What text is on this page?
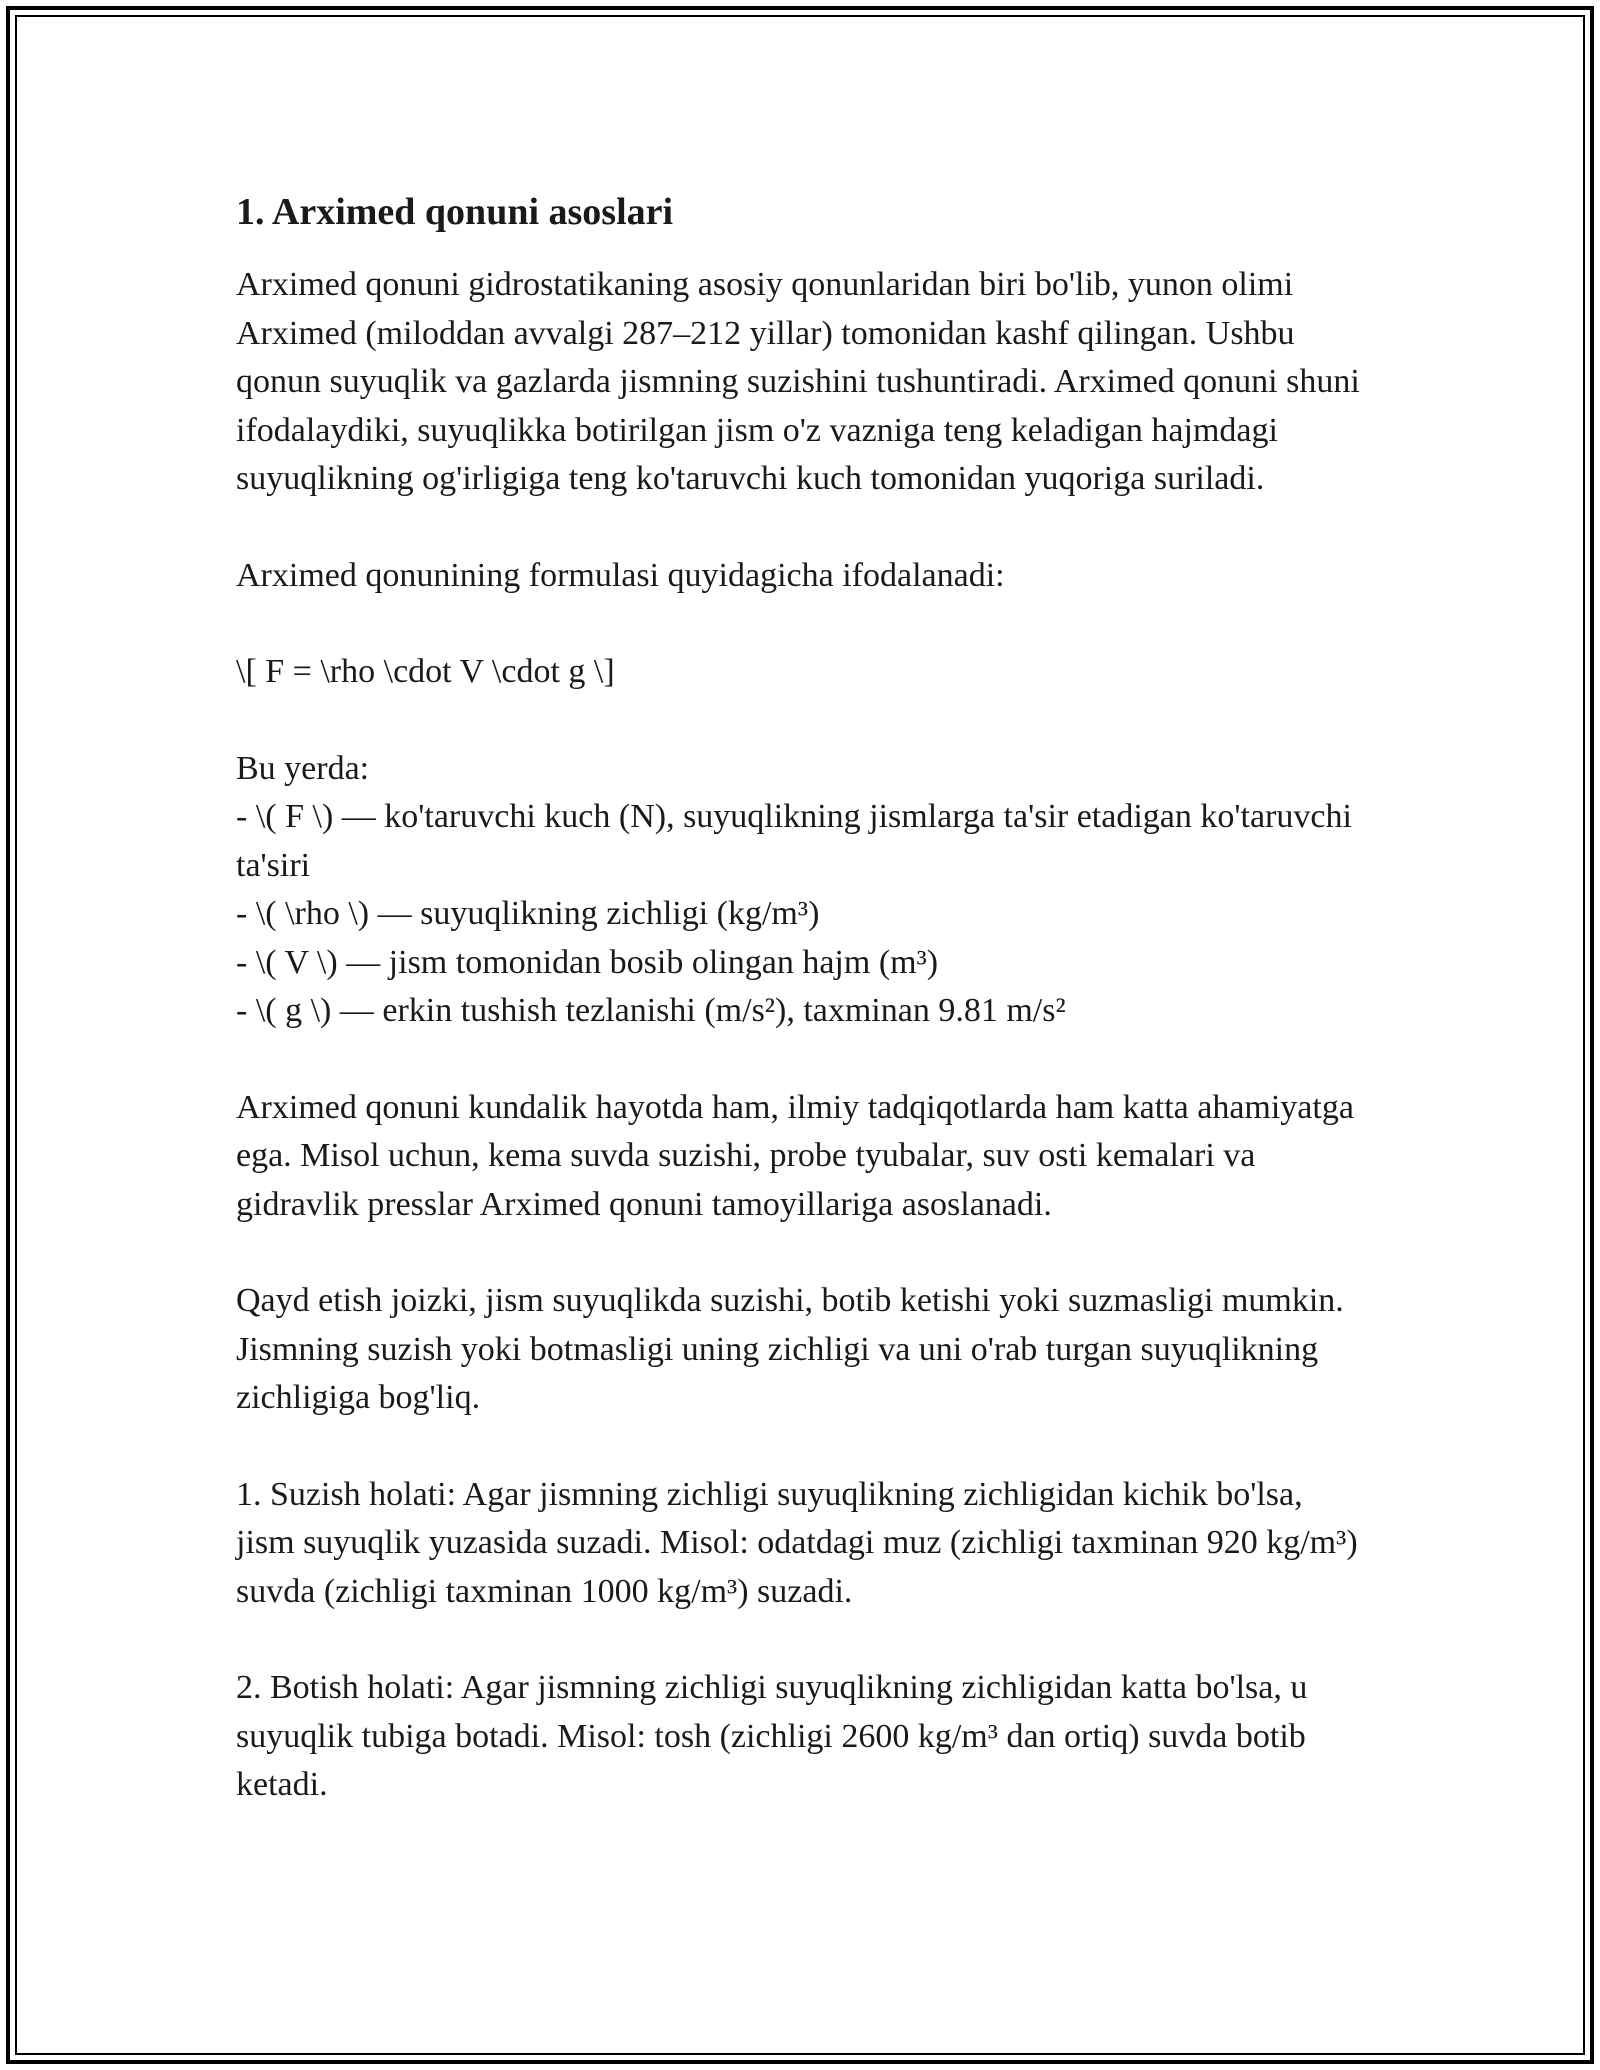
1. Arximed qonuni asoslari

Arximed qonuni gidrostatikaning asosiy qonunlaridan biri bo'lib, yunon olimi Arximed (miloddan avvalgi 287–212 yillar) tomonidan kashf qilingan. Ushbu qonun suyuqlik va gazlarda jismning suzishini tushuntiradi. Arximed qonuni shuni ifodalaydiki, suyuqlikka botirilgan jism o'z vazniga teng keladigan hajmdagi suyuqlikning og'irligiga teng ko'taruvchi kuch tomonidan yuqoriga suriladi.

Arximed qonunining formulasi quyidagicha ifodalanadi:

\[ F = \rho \cdot V \cdot g \]

Bu yerda:
- \( F \) — ko'taruvchi kuch (N), suyuqlikning jismlarga ta'sir etadigan ko'taruvchi ta'siri
- \( \rho \) — suyuqlikning zichligi (kg/m³)
- \( V \) — jism tomonidan bosib olingan hajm (m³)
- \( g \) — erkin tushish tezlanishi (m/s²), taxminan 9.81 m/s²

Arximed qonuni kundalik hayotda ham, ilmiy tadqiqotlarda ham katta ahamiyatga ega. Misol uchun, kema suvda suzishi, probe tyubalar, suv osti kemalari va gidravlik presslar Arximed qonuni tamoyillariga asoslanadi.

Qayd etish joizki, jism suyuqlikda suzishi, botib ketishi yoki suzmasligi mumkin. Jismning suzish yoki botmasligi uning zichligi va uni o'rab turgan suyuqlikning zichligiga bog'liq.

1. Suzish holati: Agar jismning zichligi suyuqlikning zichligidan kichik bo'lsa, jism suyuqlik yuzasida suzadi. Misol: odatdagi muz (zichligi taxminan 920 kg/m³) suvda (zichligi taxminan 1000 kg/m³) suzadi.

2. Botish holati: Agar jismning zichligi suyuqlikning zichligidan katta bo'lsa, u suyuqlik tubiga botadi. Misol: tosh (zichligi 2600 kg/m³ dan ortiq) suvda botib ketadi.
